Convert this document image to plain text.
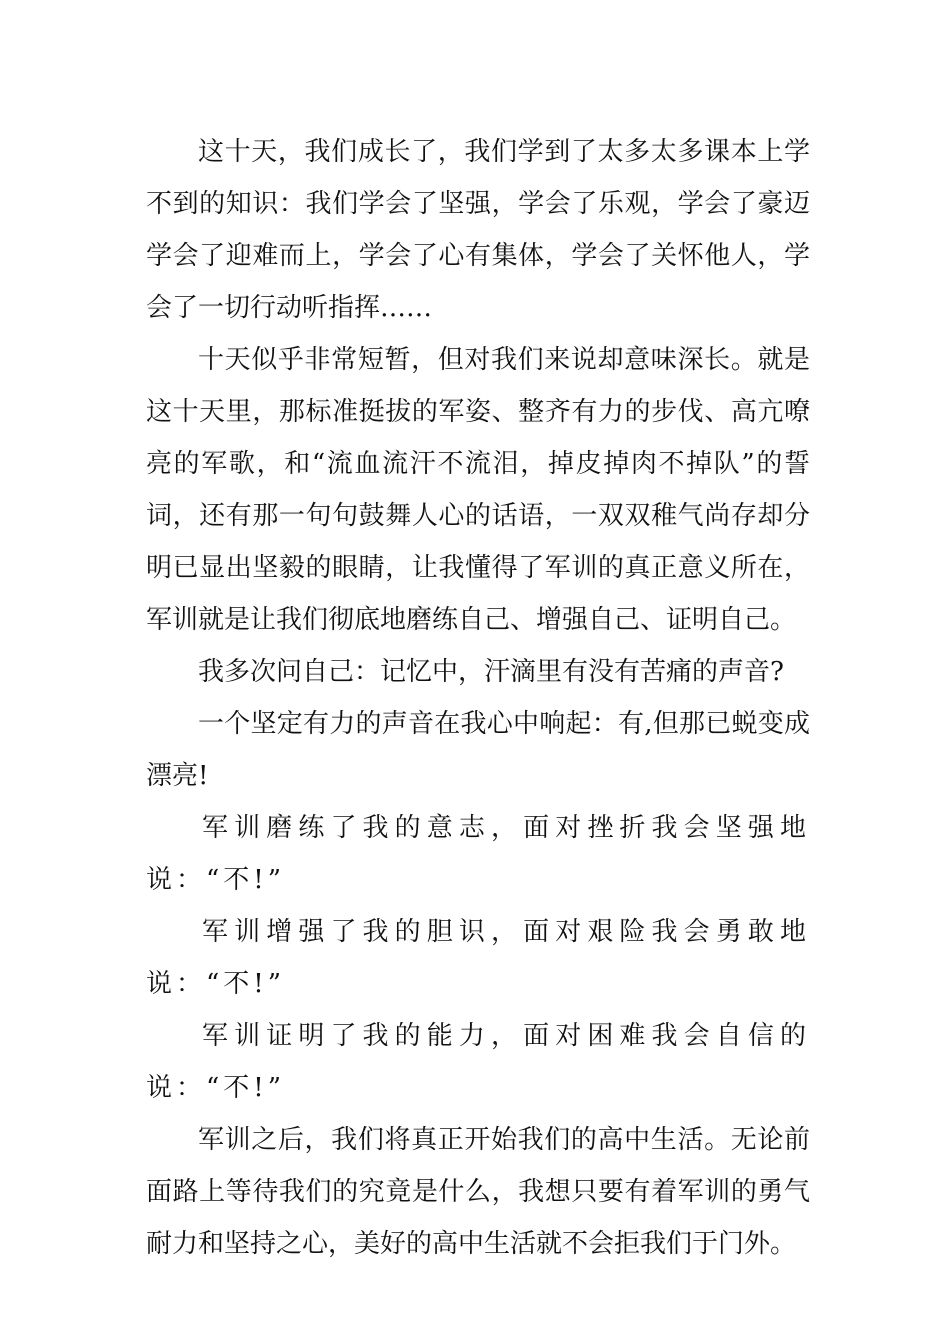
这十天，我们成长了，我们学到了太多太多课本上学不到的知识：我们学会了坚强，学会了乐观，学会了豪迈学会了迎难而上，学会了心有集体，学会了关怀他人，学会了一切行动听指挥……

十天似乎非常短暂，但对我们来说却意味深长。就是这十天里，那标准挺拔的军姿、整齐有力的步伐、高亢嘹亮的军歌，和“流血流汗不流泪，掉皮掉肉不掉队”的誓词，还有那一句句鼓舞人心的话语，一双双稚气尚存却分明已显出坚毅的眼睛，让我懂得了军训的真正意义所在，军训就是让我们彻底地磨练自己、增强自己、证明自己。

我多次问自己：记忆中，汗滴里有没有苦痛的声音?

一个坚定有力的声音在我心中响起：有,但那已蜕变成漂亮!

军训磨练了我的意志，面对挫折我会坚强地说：“不!”

军训增强了我的胆识，面对艰险我会勇敢地说：“不!”

军训证明了我的能力，面对困难我会自信的说：“不!”

军训之后，我们将真正开始我们的高中生活。无论前面路上等待我们的究竟是什么，我想只要有着军训的勇气耐力和坚持之心，美好的高中生活就不会拒我们于门外。
